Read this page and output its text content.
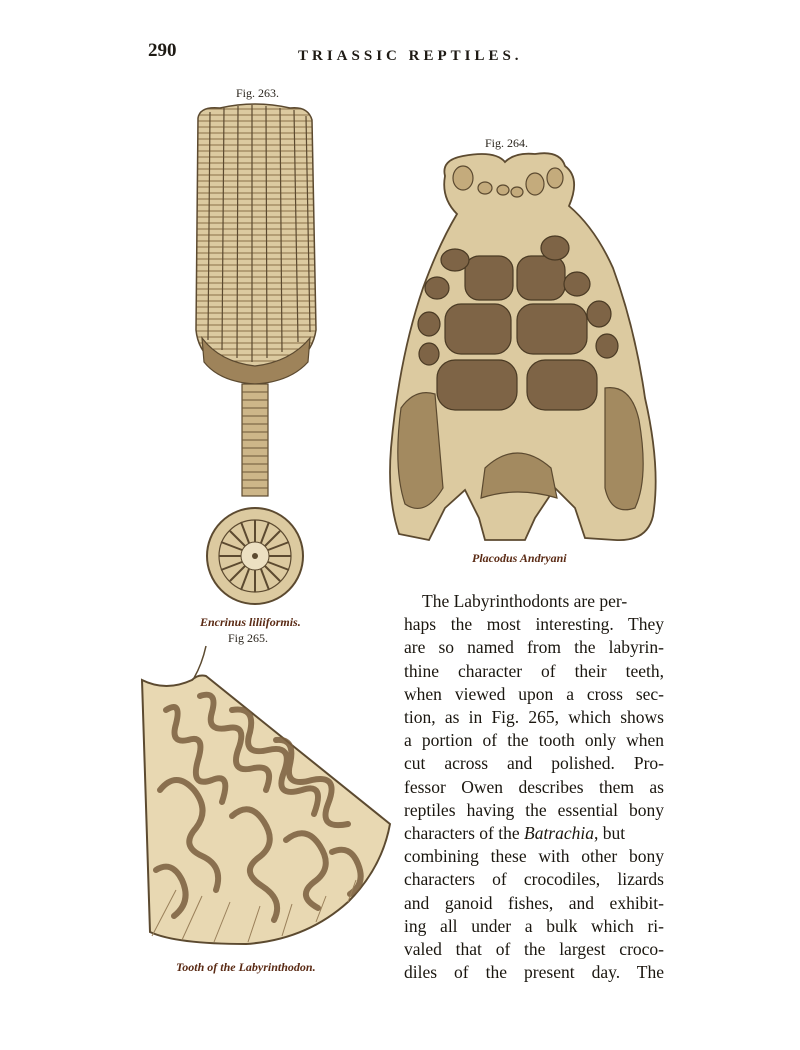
290	TRIASSIC REPTILES.
Fig. 263.
Encrinus liliiformis.
Fig. 264.
Placodus Andryani
Fig 265.
Tooth of the Labyrinthodon.
The Labyrinthodonts are per-
haps the most interesting. They
are so named from the labyrin-
thine character of their teeth,
when viewed upon a cross sec-
tion, as in Fig. 265, which shows
a portion of the tooth only when
cut across and polished. Pro-
fessor Owen describes them as
reptiles having the essential bony
characters of the Batrachia, but
combining these with other bony
characters of crocodiles, lizards
and ganoid fishes, and exhibit-
ing all under a bulk which ri-
valed that of the largest croco-
diles of the present day. The
